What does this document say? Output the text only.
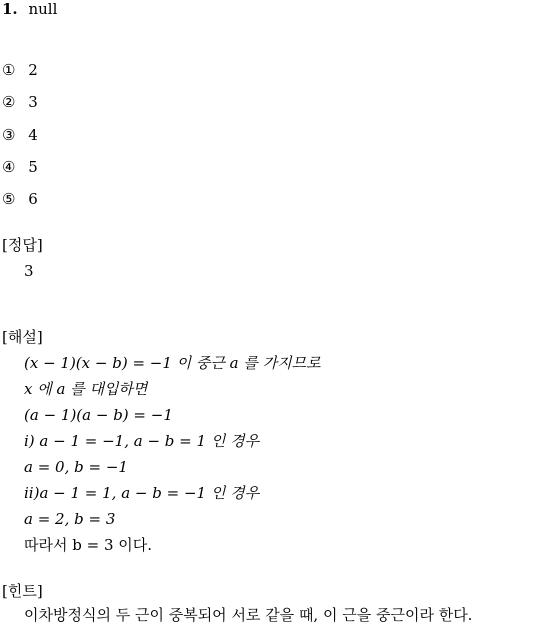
1. null
① 2
② 3
③ 4
④ 5
⑤ 6
[정답]
3
[해설]
(x − 1)(x − b) = −1 이 중근 a 를 가지므로
x 에 a 를 대입하면
(a − 1)(a − b) = −1
i) a − 1 = −1, a − b = 1 인 경우
a = 0, b = −1
ii)a − 1 = 1, a − b = −1 인 경우
a = 2, b = 3
따라서 b = 3 이다.
[힌트]
이차방정식의 두 근이 중복되어 서로 같을 때, 이 근을 중근이라 한다.
